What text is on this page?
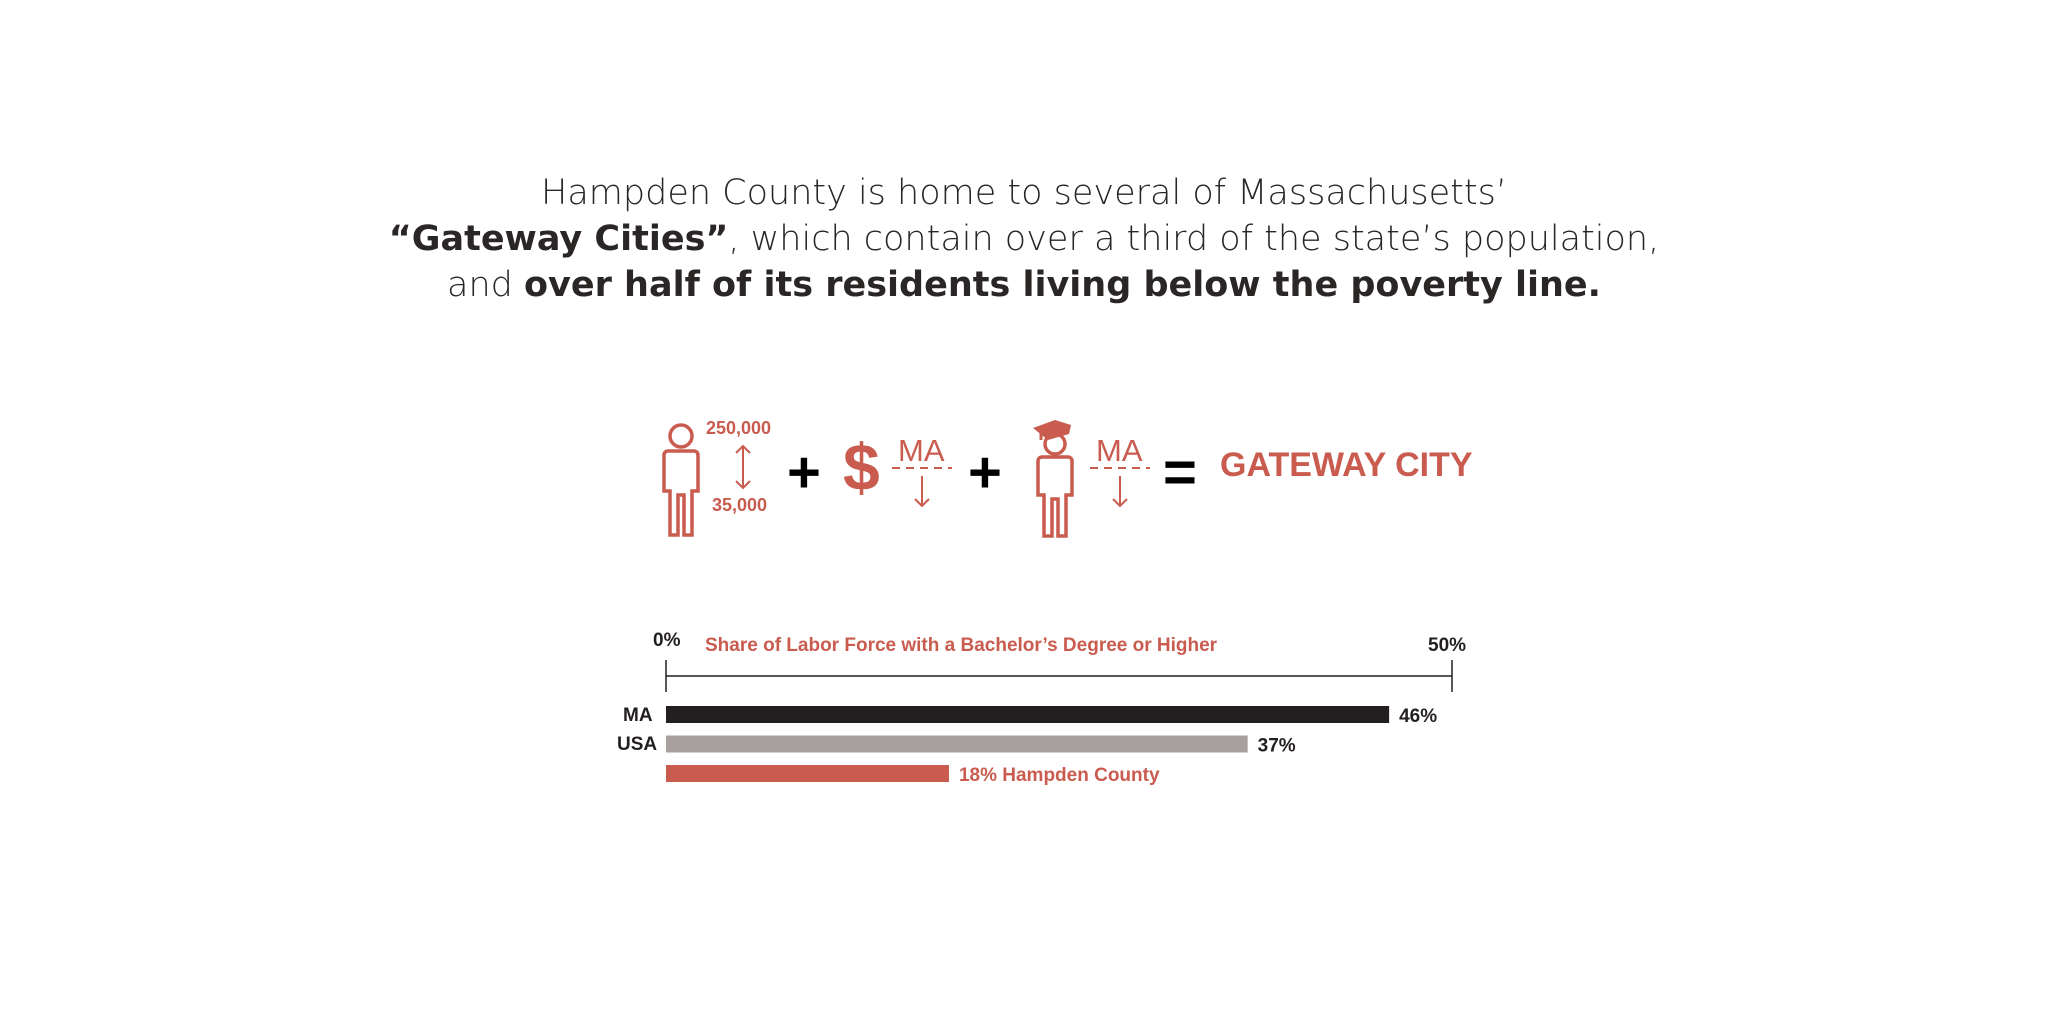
Hampden County is home to several of Massachusetts’
“Gateway Cities”, which contain over a third of the state’s population,
and over half of its residents living below the poverty line.
250,000
35,000 + $ MA +	MA = GATEWAY CITY
46%
37%
18% Hampden County
0%	50%
Share of Labor Force with a Bachelor’s Degree or Higher
MA
USA
